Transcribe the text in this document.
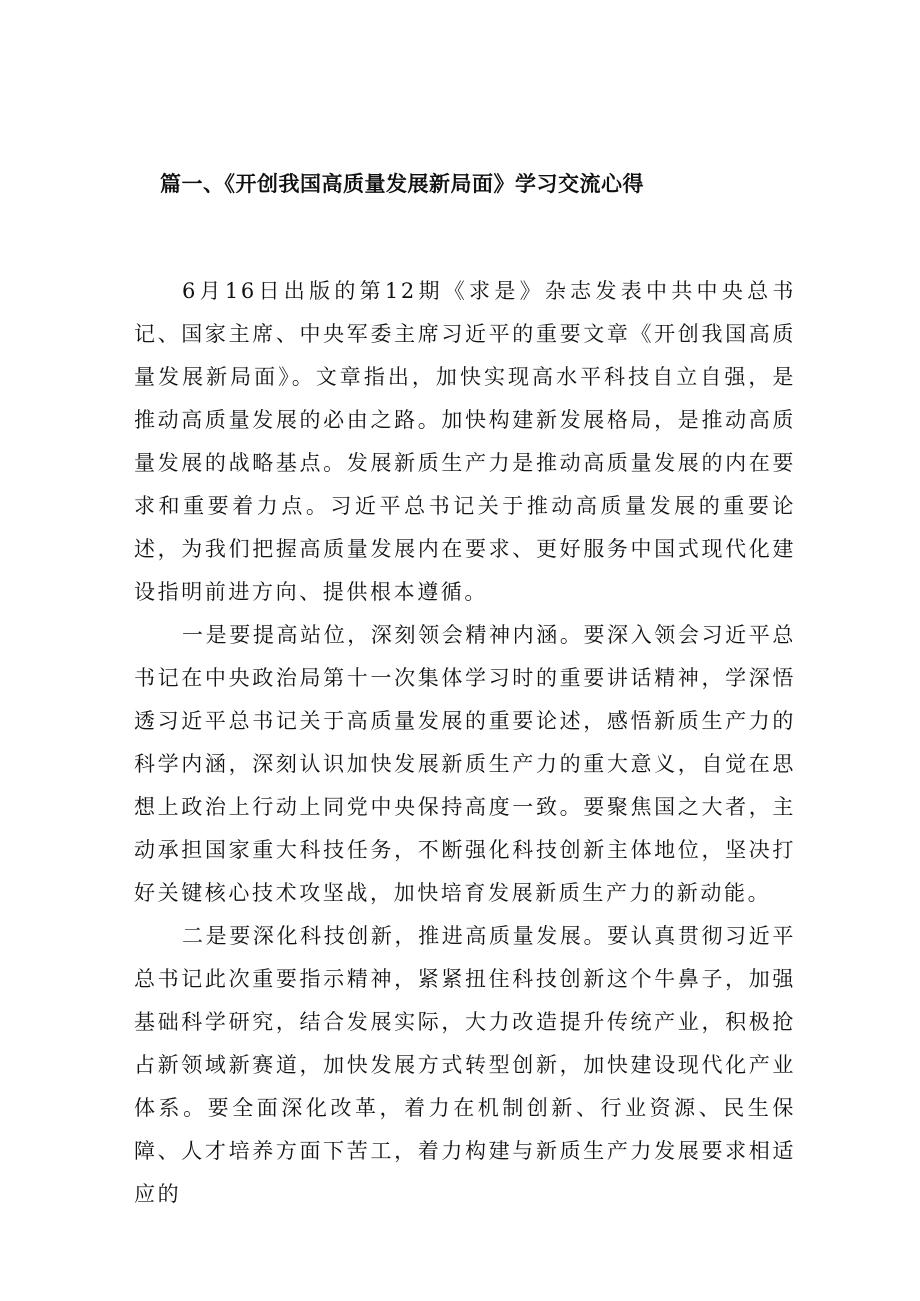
篇一、《开创我国高质量发展新局面》学习交流心得

6月16日出版的第12期《求是》杂志发表中共中央总书记、国家主席、中央军委主席习近平的重要文章《开创我国高质量发展新局面》。文章指出，加快实现高水平科技自立自强，是推动高质量发展的必由之路。加快构建新发展格局，是推动高质量发展的战略基点。发展新质生产力是推动高质量发展的内在要求和重要着力点。习近平总书记关于推动高质量发展的重要论述，为我们把握高质量发展内在要求、更好服务中国式现代化建设指明前进方向、提供根本遵循。

一是要提高站位，深刻领会精神内涵。要深入领会习近平总书记在中央政治局第十一次集体学习时的重要讲话精神，学深悟透习近平总书记关于高质量发展的重要论述，感悟新质生产力的科学内涵，深刻认识加快发展新质生产力的重大意义，自觉在思想上政治上行动上同党中央保持高度一致。要聚焦国之大者，主动承担国家重大科技任务，不断强化科技创新主体地位，坚决打好关键核心技术攻坚战，加快培育发展新质生产力的新动能。

二是要深化科技创新，推进高质量发展。要认真贯彻习近平总书记此次重要指示精神，紧紧扭住科技创新这个牛鼻子，加强基础科学研究，结合发展实际，大力改造提升传统产业，积极抢占新领域新赛道，加快发展方式转型创新，加快建设现代化产业体系。要全面深化改革，着力在机制创新、行业资源、民生保障、人才培养方面下苦工，着力构建与新质生产力发展要求相适应的
